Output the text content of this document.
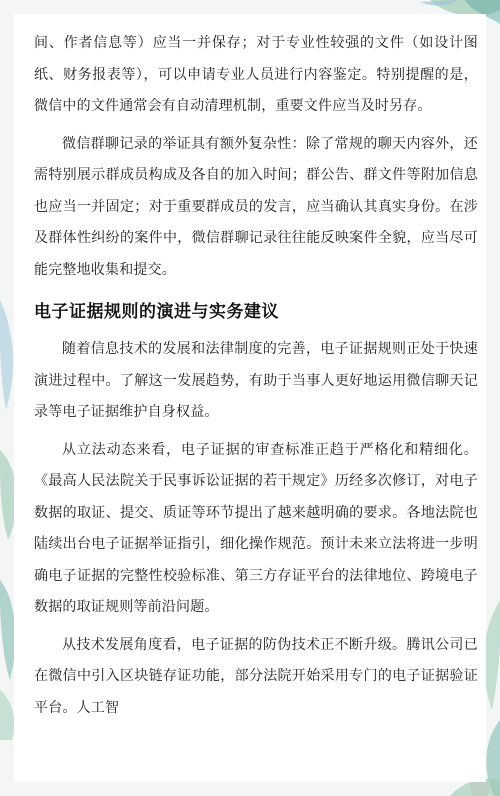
间、作者信息等）应当一并保存；对于专业性较强的文件（如设计图纸、财务报表等），可以申请专业人员进行内容鉴定。特别提醒的是，微信中的文件通常会有自动清理机制，重要文件应当及时另存。

微信群聊记录的举证具有额外复杂性：除了常规的聊天内容外，还需特别展示群成员构成及各自的加入时间；群公告、群文件等附加信息也应当一并固定；对于重要群成员的发言，应当确认其真实身份。在涉及群体性纠纷的案件中，微信群聊记录往往能反映案件全貌，应当尽可能完整地收集和提交。

电子证据规则的演进与实务建议

随着信息技术的发展和法律制度的完善，电子证据规则正处于快速演进过程中。了解这一发展趋势，有助于当事人更好地运用微信聊天记录等电子证据维护自身权益。

从立法动态来看，电子证据的审查标准正趋于严格化和精细化。《最高人民法院关于民事诉讼证据的若干规定》历经多次修订，对电子数据的取证、提交、质证等环节提出了越来越明确的要求。各地法院也陆续出台电子证据举证指引，细化操作规范。预计未来立法将进一步明确电子证据的完整性校验标准、第三方存证平台的法律地位、跨境电子数据的取证规则等前沿问题。

从技术发展角度看，电子证据的防伪技术正不断升级。腾讯公司已在微信中引入区块链存证功能，部分法院开始采用专门的电子证据验证平台。人工智
